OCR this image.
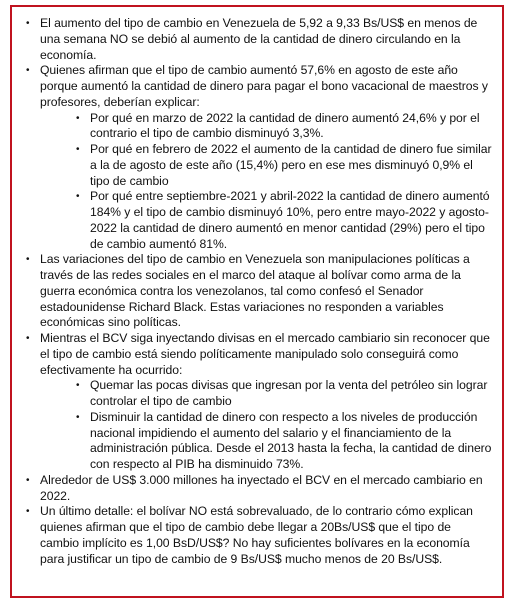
• El aumento del tipo de cambio en Venezuela de 5,92 a 9,33 Bs/US$ en menos de una semana NO se debió al aumento de la cantidad de dinero circulando en la economía.
• Quienes afirman que el tipo de cambio aumentó 57,6% en agosto de este año porque aumentó la cantidad de dinero para pagar el bono vacacional de maestros y profesores, deberían explicar:
• Por qué en marzo de 2022 la cantidad de dinero aumentó 24,6% y por el contrario el tipo de cambio disminuyó 3,3%.
• Por qué en febrero de 2022 el aumento de la cantidad de dinero fue similar a la de agosto de este año (15,4%) pero en ese mes disminuyó 0,9% el tipo de cambio
• Por qué entre septiembre-2021 y abril-2022 la cantidad de dinero aumentó 184% y el tipo de cambio disminuyó 10%, pero entre mayo-2022 y agosto-2022 la cantidad de dinero aumentó en menor cantidad (29%) pero el tipo de cambio aumentó 81%.
• Las variaciones del tipo de cambio en Venezuela son manipulaciones políticas a través de las redes sociales en el marco del ataque al bolívar como arma de la guerra económica contra los venezolanos, tal como confesó el Senador estadounidense Richard Black. Estas variaciones no responden a variables económicas sino políticas.
• Mientras el BCV siga inyectando divisas en el mercado cambiario sin reconocer que el tipo de cambio está siendo políticamente manipulado solo conseguirá como efectivamente ha ocurrido:
• Quemar las pocas divisas que ingresan por la venta del petróleo sin lograr controlar el tipo de cambio
• Disminuir la cantidad de dinero con respecto a los niveles de producción nacional impidiendo el aumento del salario y el financiamiento de la administración pública. Desde el 2013 hasta la fecha, la cantidad de dinero con respecto al PIB ha disminuido 73%.
• Alrededor de US$ 3.000 millones ha inyectado el BCV en el mercado cambiario en 2022.
• Un último detalle: el bolívar NO está sobrevaluado, de lo contrario cómo explican quienes afirman que el tipo de cambio debe llegar a 20Bs/US$ que el tipo de cambio implícito es 1,00 BsD/US$? No hay suficientes bolívares en la economía para justificar un tipo de cambio de 9 Bs/US$ mucho menos de 20 Bs/US$.
